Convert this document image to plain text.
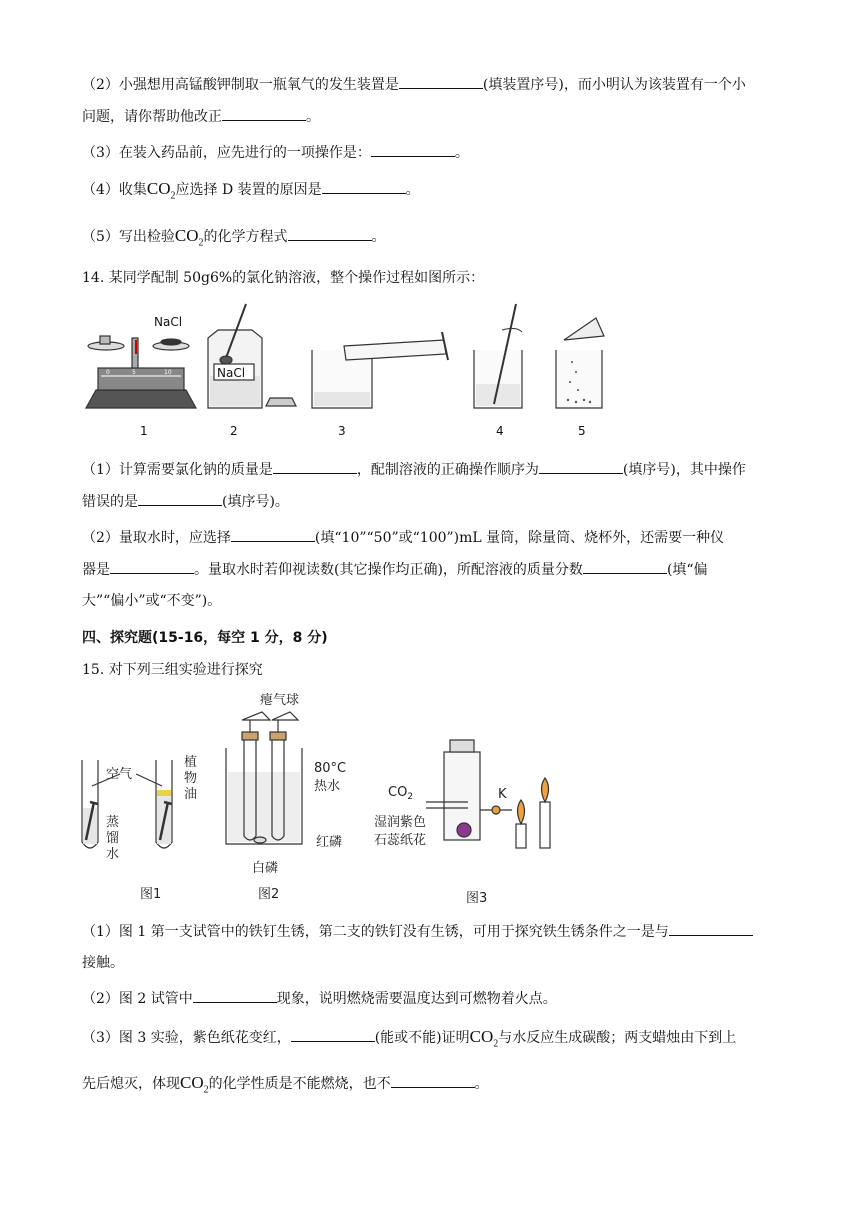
（2）小强想用高锰酸钾制取一瓶氧气的发生装置是	(填装置序号)，而小明认为该装置有一个小
问题，请你帮助他改正	。
（3）在装入药品前，应先进行的一项操作是：	。
（4）收集$CO_2$应选择 D 装置的原因是	。
（5）写出检验$CO_2$的化学方程式	。
14. 某同学配制 50g6%的氯化钠溶液，整个操作过程如图所示：
NaCl
NaCl
1	2	3	4	5
0	5	10
（1）计算需要氯化钠的质量是	，配制溶液的正确操作顺序为	(填序号)，其中操作
错误的是	(填序号)。
（2）量取水时，应选择	(填“10”“50”或“100”)mL 量筒，除量筒、烧杯外，还需要一种仪
器是	。量取水时若仰视读数(其它操作均正确)，所配溶液的质量分数	(填“偏
大”“偏小”或“不变”)。
四、探究题(15-16，每空 1 分，8 分)
15. 对下列三组实验进行探究
空气
植
物
油
蒸
馏
水
瘪气球
80°C
热水
红磷
白磷
$CO_2$
湿润紫色
石蕊纸花
K
图1	图2	图3
（1）图 1 第一支试管中的铁钉生锈，第二支的铁钉没有生锈，可用于探究铁生锈条件之一是与
接触。
（2）图 2 试管中	现象，说明燃烧需要温度达到可燃物着火点。
（3）图 3 实验，紫色纸花变红，	(能或不能)证明$CO_2$与水反应生成碳酸；两支蜡烛由下到上
先后熄灭，体现$CO_2$的化学性质是不能燃烧，也不	。
